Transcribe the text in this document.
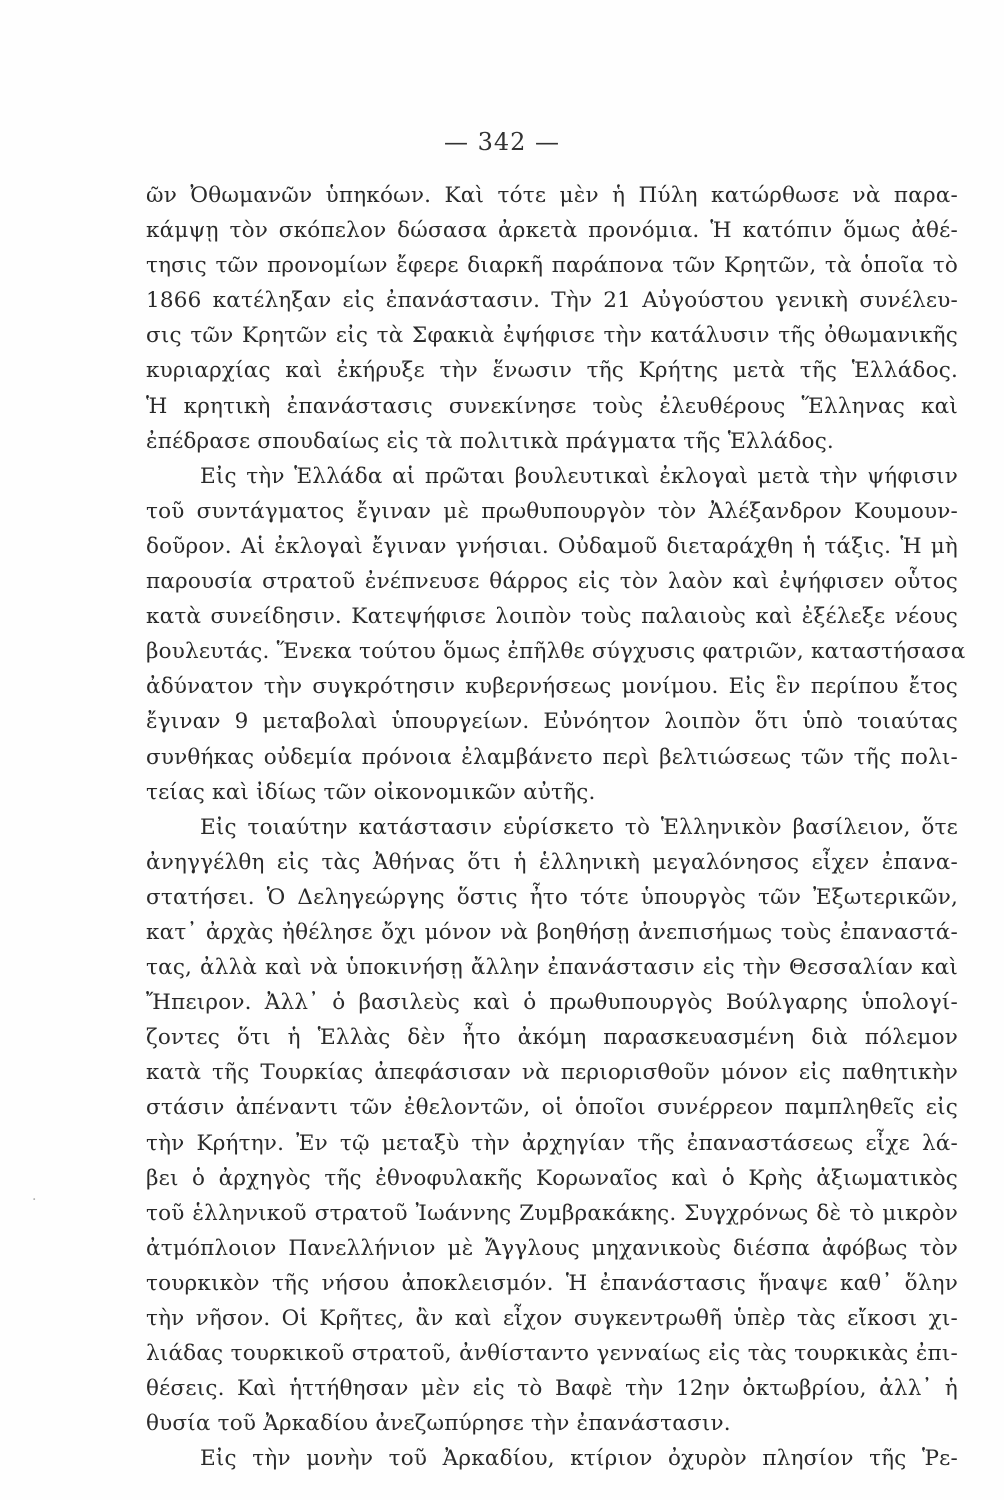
— 342 —
ῶν Ὀθωμανῶν ὑπηκόων. Καὶ τότε μὲν ἡ Πύλη κατώρθωσε νὰ παρα-
κάμψῃ τὸν σκόπελον δώσασα ἀρκετὰ προνόμια. Ἡ κατόπιν ὅμως ἀθέ-
τησις τῶν προνομίων ἔφερε διαρκῆ παράπονα τῶν Κρητῶν, τὰ ὁποῖα τὸ
1866 κατέληξαν εἰς ἐπανάστασιν. Τὴν 21 Αὐγούστου γενικὴ συνέλευ-
σις τῶν Κρητῶν εἰς τὰ Σφακιὰ ἐψήφισε τὴν κατάλυσιν τῆς ὀθωμανικῆς
κυριαρχίας καὶ ἐκήρυξε τὴν ἕνωσιν τῆς Κρήτης μετὰ τῆς Ἑλλάδος.
Ἡ κρητικὴ ἐπανάστασις συνεκίνησε τοὺς ἐλευθέρους Ἕλληνας καὶ
ἐπέδρασε σπουδαίως εἰς τὰ πολιτικὰ πράγματα τῆς Ἑλλάδος.
Εἰς τὴν Ἑλλάδα αἱ πρῶται βουλευτικαὶ ἐκλογαὶ μετὰ τὴν ψήφισιν
τοῦ συντάγματος ἔγιναν μὲ πρωθυπουργὸν τὸν Ἀλέξανδρον Κουμουν-
δοῦρον. Αἱ ἐκλογαὶ ἔγιναν γνήσιαι. Οὐδαμοῦ διεταράχθη ἡ τάξις. Ἡ μὴ
παρουσία στρατοῦ ἐνέπνευσε θάρρος εἰς τὸν λαὸν καὶ ἐψήφισεν οὗτος
κατὰ συνείδησιν. Κατεψήφισε λοιπὸν τοὺς παλαιοὺς καὶ ἐξέλεξε νέους
βουλευτάς. Ἕνεκα τούτου ὅμως ἐπῆλθε σύγχυσις φατριῶν, καταστήσασα
ἀδύνατον τὴν συγκρότησιν κυβερνήσεως μονίμου. Εἰς ἓν περίπου ἔτος
ἔγιναν 9 μεταβολαὶ ὑπουργείων. Εὐνόητον λοιπὸν ὅτι ὑπὸ τοιαύτας
συνθήκας οὐδεμία πρόνοια ἐλαμβάνετο περὶ βελτιώσεως τῶν τῆς πολι-
τείας καὶ ἰδίως τῶν οἰκονομικῶν αὐτῆς.
Εἰς τοιαύτην κατάστασιν εὑρίσκετο τὸ Ἑλληνικὸν βασίλειον, ὅτε
ἀνηγγέλθη εἰς τὰς Ἀθήνας ὅτι ἡ ἑλληνικὴ μεγαλόνησος εἶχεν ἐπανα-
στατήσει. Ὁ Δεληγεώργης ὅστις ἦτο τότε ὑπουργὸς τῶν Ἐξωτερικῶν,
κατ᾽ ἀρχὰς ἠθέλησε ὄχι μόνον νὰ βοηθήσῃ ἀνεπισήμως τοὺς ἐπαναστά-
τας, ἀλλὰ καὶ νὰ ὑποκινήσῃ ἄλλην ἐπανάστασιν εἰς τὴν Θεσσαλίαν καὶ
Ἤπειρον. Ἀλλ᾽ ὁ βασιλεὺς καὶ ὁ πρωθυπουργὸς Βούλγαρης ὑπολογί-
ζοντες ὅτι ἡ Ἑλλὰς δὲν ἦτο ἀκόμη παρασκευασμένη διὰ πόλεμον
κατὰ τῆς Τουρκίας ἀπεφάσισαν νὰ περιορισθοῦν μόνον εἰς παθητικὴν
στάσιν ἀπέναντι τῶν ἐθελοντῶν, οἱ ὁποῖοι συνέρρεον παμπληθεῖς εἰς
τὴν Κρήτην. Ἐν τῷ μεταξὺ τὴν ἀρχηγίαν τῆς ἐπαναστάσεως εἶχε λά-
βει ὁ ἀρχηγὸς τῆς ἐθνοφυλακῆς Κορωναῖος καὶ ὁ Κρὴς ἀξιωματικὸς
τοῦ ἑλληνικοῦ στρατοῦ Ἰωάννης Ζυμβρακάκης. Συγχρόνως δὲ τὸ μικρὸν
ἀτμόπλοιον Πανελλήνιον μὲ Ἄγγλους μηχανικοὺς διέσπα ἀφόβως τὸν
τουρκικὸν τῆς νήσου ἀποκλεισμόν. Ἡ ἐπανάστασις ἥναψε καθ᾽ ὅλην
τὴν νῆσον. Οἱ Κρῆτες, ἂν καὶ εἶχον συγκεντρωθῆ ὑπὲρ τὰς εἴκοσι χι-
λιάδας τουρκικοῦ στρατοῦ, ἀνθίσταντο γενναίως εἰς τὰς τουρκικὰς ἐπι-
θέσεις. Καὶ ἡττήθησαν μὲν εἰς τὸ Βαφὲ τὴν 12ην ὀκτωβρίου, ἀλλ᾽ ἡ
θυσία τοῦ Ἀρκαδίου ἀνεζωπύρησε τὴν ἐπανάστασιν.
Εἰς τὴν μονὴν τοῦ Ἀρκαδίου, κτίριον ὀχυρὸν πλησίον τῆς Ῥε-
·
